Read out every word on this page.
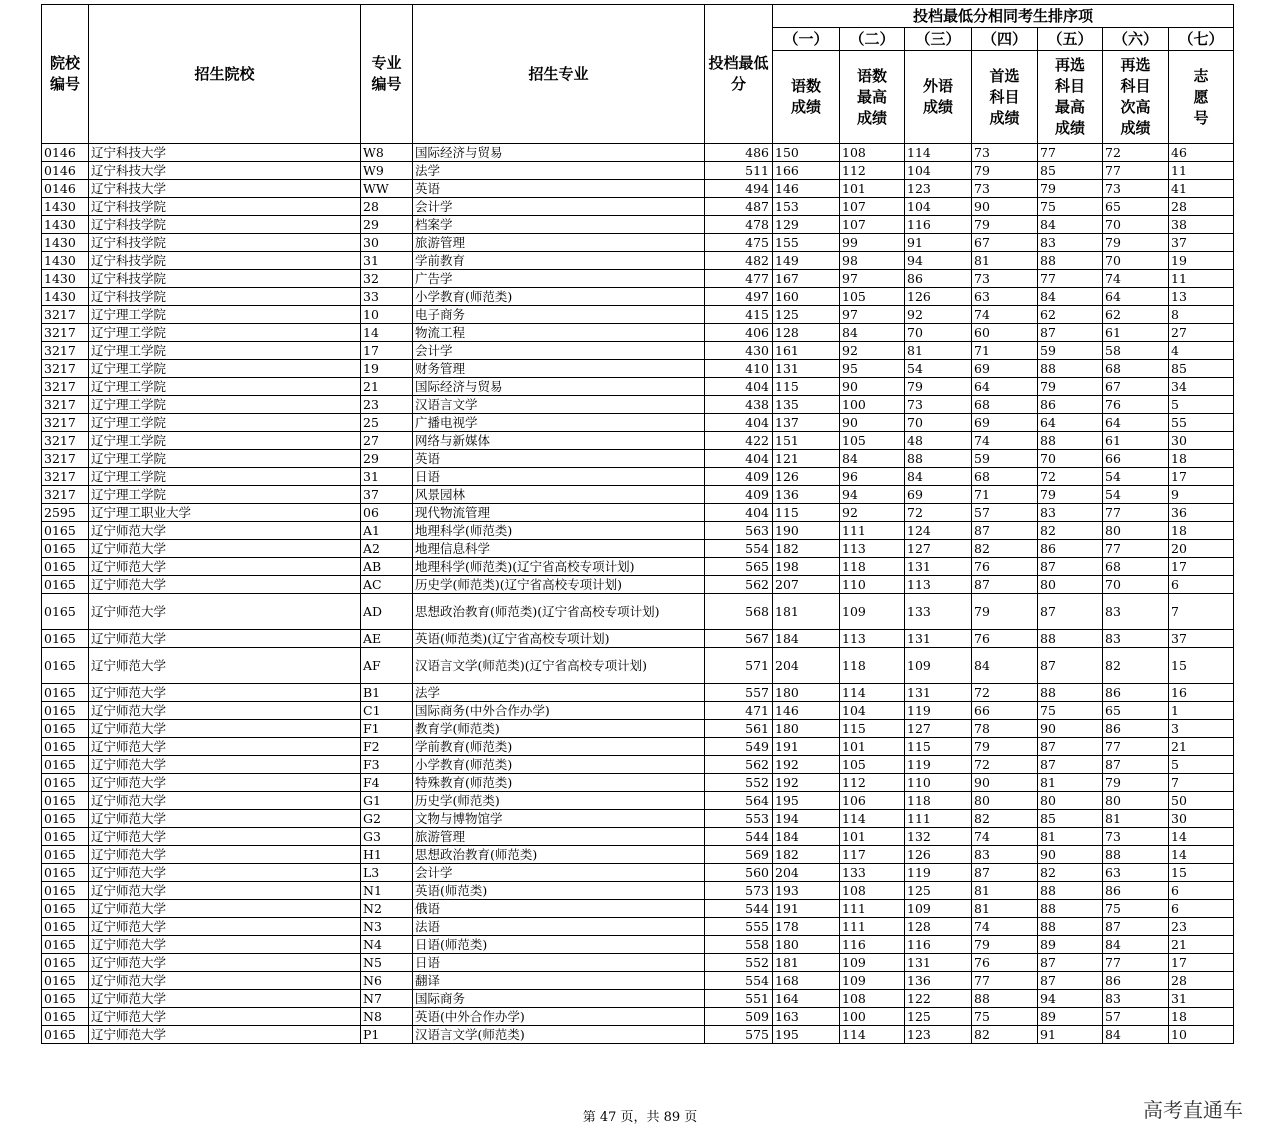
院校编号	招生院校	专业编号	招生专业	投档最低分	投档最低分相同考生排序项						
					（一）	（二）	（三）	（四）	（五）	（六）	（七）
					语数成绩	语数最高成绩	外语成绩	首选科目成绩	再选科目最高成绩	再选科目次高成绩	志愿号
0146	辽宁科技大学	W8	国际经济与贸易	486	150	108	114	73	77	72	46
0146	辽宁科技大学	W9	法学	511	166	112	104	79	85	77	11
0146	辽宁科技大学	WW	英语	494	146	101	123	73	79	73	41
1430	辽宁科技学院	28	会计学	487	153	107	104	90	75	65	28
1430	辽宁科技学院	29	档案学	478	129	107	116	79	84	70	38
1430	辽宁科技学院	30	旅游管理	475	155	99	91	67	83	79	37
1430	辽宁科技学院	31	学前教育	482	149	98	94	81	88	70	19
1430	辽宁科技学院	32	广告学	477	167	97	86	73	77	74	11
1430	辽宁科技学院	33	小学教育(师范类)	497	160	105	126	63	84	64	13
3217	辽宁理工学院	10	电子商务	415	125	97	92	74	62	62	8
3217	辽宁理工学院	14	物流工程	406	128	84	70	60	87	61	27
3217	辽宁理工学院	17	会计学	430	161	92	81	71	59	58	4
3217	辽宁理工学院	19	财务管理	410	131	95	54	69	88	68	85
3217	辽宁理工学院	21	国际经济与贸易	404	115	90	79	64	79	67	34
3217	辽宁理工学院	23	汉语言文学	438	135	100	73	68	86	76	5
3217	辽宁理工学院	25	广播电视学	404	137	90	70	69	64	64	55
3217	辽宁理工学院	27	网络与新媒体	422	151	105	48	74	88	61	30
3217	辽宁理工学院	29	英语	404	121	84	88	59	70	66	18
3217	辽宁理工学院	31	日语	409	126	96	84	68	72	54	17
3217	辽宁理工学院	37	风景园林	409	136	94	69	71	79	54	9
2595	辽宁理工职业大学	06	现代物流管理	404	115	92	72	57	83	77	36
0165	辽宁师范大学	A1	地理科学(师范类)	563	190	111	124	87	82	80	18
0165	辽宁师范大学	A2	地理信息科学	554	182	113	127	82	86	77	20
0165	辽宁师范大学	AB	地理科学(师范类)(辽宁省高校专项计划)	565	198	118	131	76	87	68	17
0165	辽宁师范大学	AC	历史学(师范类)(辽宁省高校专项计划)	562	207	110	113	87	80	70	6
0165	辽宁师范大学	AD	思想政治教育(师范类)(辽宁省高校专项计划)	568	181	109	133	79	87	83	7
0165	辽宁师范大学	AE	英语(师范类)(辽宁省高校专项计划)	567	184	113	131	76	88	83	37
0165	辽宁师范大学	AF	汉语言文学(师范类)(辽宁省高校专项计划)	571	204	118	109	84	87	82	15
0165	辽宁师范大学	B1	法学	557	180	114	131	72	88	86	16
0165	辽宁师范大学	C1	国际商务(中外合作办学)	471	146	104	119	66	75	65	1
0165	辽宁师范大学	F1	教育学(师范类)	561	180	115	127	78	90	86	3
0165	辽宁师范大学	F2	学前教育(师范类)	549	191	101	115	79	87	77	21
0165	辽宁师范大学	F3	小学教育(师范类)	562	192	105	119	72	87	87	5
0165	辽宁师范大学	F4	特殊教育(师范类)	552	192	112	110	90	81	79	7
0165	辽宁师范大学	G1	历史学(师范类)	564	195	106	118	80	80	80	50
0165	辽宁师范大学	G2	文物与博物馆学	553	194	114	111	82	85	81	30
0165	辽宁师范大学	G3	旅游管理	544	184	101	132	74	81	73	14
0165	辽宁师范大学	H1	思想政治教育(师范类)	569	182	117	126	83	90	88	14
0165	辽宁师范大学	L3	会计学	560	204	133	119	87	82	63	15
0165	辽宁师范大学	N1	英语(师范类)	573	193	108	125	81	88	86	6
0165	辽宁师范大学	N2	俄语	544	191	111	109	81	88	75	6
0165	辽宁师范大学	N3	法语	555	178	111	128	74	88	87	23
0165	辽宁师范大学	N4	日语(师范类)	558	180	116	116	79	89	84	21
0165	辽宁师范大学	N5	日语	552	181	109	131	76	87	77	17
0165	辽宁师范大学	N6	翻译	554	168	109	136	77	87	86	28
0165	辽宁师范大学	N7	国际商务	551	164	108	122	88	94	83	31
0165	辽宁师范大学	N8	英语(中外合作办学)	509	163	100	125	75	89	57	18
0165	辽宁师范大学	P1	汉语言文学(师范类)	575	195	114	123	82	91	84	10
第 47 页，共 89 页	高考直通车
